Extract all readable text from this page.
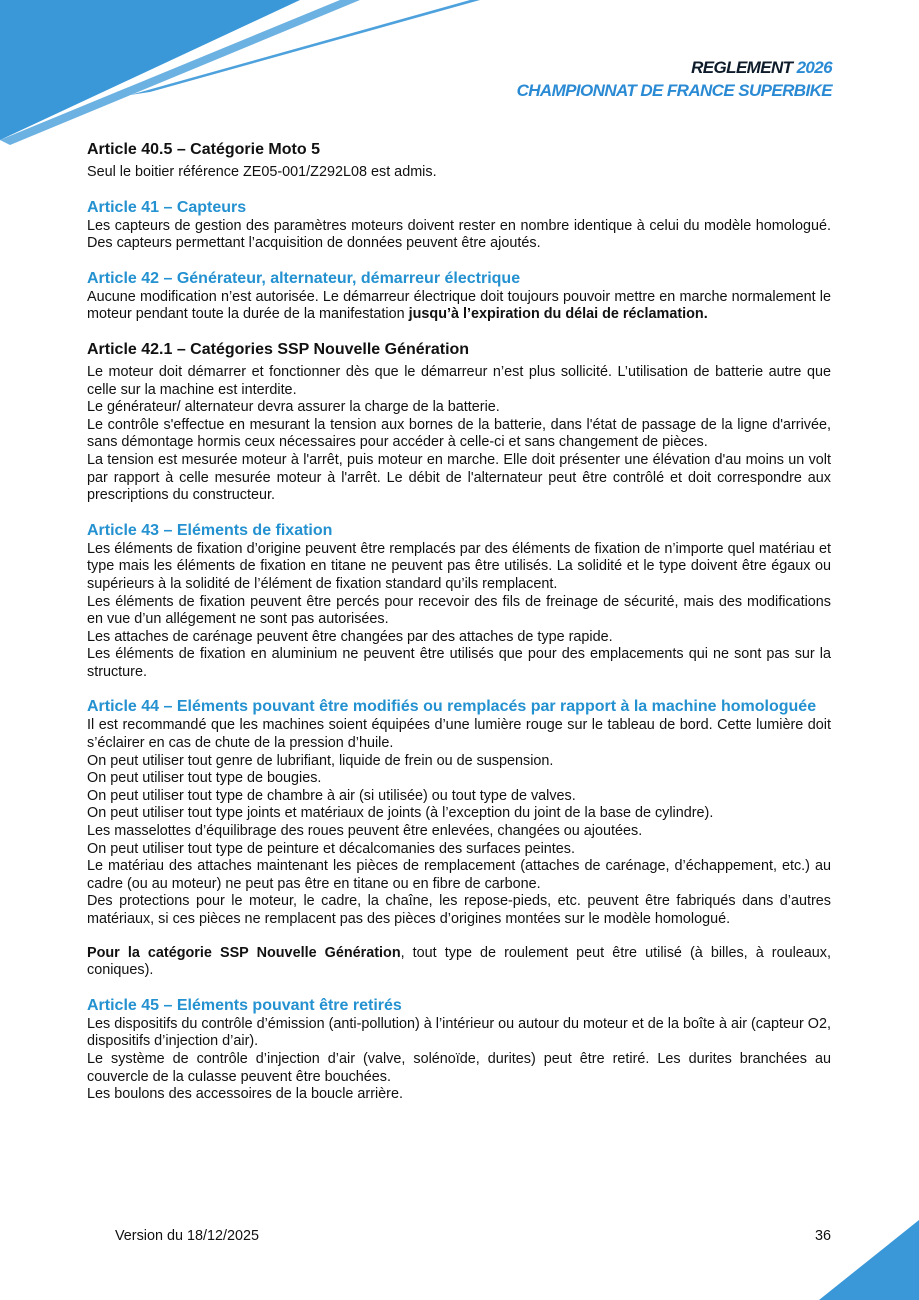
REGLEMENT 2026
CHAMPIONNAT DE FRANCE SUPERBIKE

Article 40.5 – Catégorie Moto 5

Seul le boitier référence ZE05-001/Z292L08 est admis.

Article 41 – Capteurs

Les capteurs de gestion des paramètres moteurs doivent rester en nombre identique à celui du modèle homologué. Des capteurs permettant l’acquisition de données peuvent être ajoutés.

Article 42 – Générateur, alternateur, démarreur électrique

Aucune modification n’est autorisée. Le démarreur électrique doit toujours pouvoir mettre en marche normalement le moteur pendant toute la durée de la manifestation jusqu’à l’expiration du délai de réclamation.

Article 42.1 – Catégories SSP Nouvelle Génération

Le moteur doit démarrer et fonctionner dès que le démarreur n’est plus sollicité. L’utilisation de batterie autre que celle sur la machine est interdite.

Le générateur/ alternateur devra assurer la charge de la batterie.

Le contrôle s'effectue en mesurant la tension aux bornes de la batterie, dans l'état de passage de la ligne d'arrivée, sans démontage hormis ceux nécessaires pour accéder à celle-ci et sans changement de pièces.

La tension est mesurée moteur à l'arrêt, puis moteur en marche. Elle doit présenter une élévation d'au moins un volt par rapport à celle mesurée moteur à l'arrêt. Le débit de l'alternateur peut être contrôlé et doit correspondre aux prescriptions du constructeur.

Article 43 – Eléments de fixation

Les éléments de fixation d’origine peuvent être remplacés par des éléments de fixation de n’importe quel matériau et type mais les éléments de fixation en titane ne peuvent pas être utilisés. La solidité et le type doivent être égaux ou supérieurs à la solidité de l’élément de fixation standard qu’ils remplacent.

Les éléments de fixation peuvent être percés pour recevoir des fils de freinage de sécurité, mais des modifications en vue d’un allégement ne sont pas autorisées.

Les attaches de carénage peuvent être changées par des attaches de type rapide.

Les éléments de fixation en aluminium ne peuvent être utilisés que pour des emplacements qui ne sont pas sur la structure.

Article 44 – Eléments pouvant être modifiés ou remplacés par rapport à la machine homologuée

Il est recommandé que les machines soient équipées d’une lumière rouge sur le tableau de bord. Cette lumière doit s’éclairer en cas de chute de la pression d’huile.

On peut utiliser tout genre de lubrifiant, liquide de frein ou de suspension.

On peut utiliser tout type de bougies.

On peut utiliser tout type de chambre à air (si utilisée) ou tout type de valves.

On peut utiliser tout type joints et matériaux de joints (à l’exception du joint de la base de cylindre).

Les masselottes d’équilibrage des roues peuvent être enlevées, changées ou ajoutées.

On peut utiliser tout type de peinture et décalcomanies des surfaces peintes.

Le matériau des attaches maintenant les pièces de remplacement (attaches de carénage, d’échappement, etc.) au cadre (ou au moteur) ne peut pas être en titane ou en fibre de carbone.

Des protections pour le moteur, le cadre, la chaîne, les repose-pieds, etc. peuvent être fabriqués dans d’autres matériaux, si ces pièces ne remplacent pas des pièces d’origines montées sur le modèle homologué.

Pour la catégorie SSP Nouvelle Génération, tout type de roulement peut être utilisé (à billes, à rouleaux, coniques).

Article 45 – Eléments pouvant être retirés

Les dispositifs du contrôle d’émission (anti-pollution) à l’intérieur ou autour du moteur et de la boîte à air (capteur O2, dispositifs d’injection d’air).

Le système de contrôle d’injection d’air (valve, solénoïde, durites) peut être retiré. Les durites branchées au couvercle de la culasse peuvent être bouchées.

Les boulons des accessoires de la boucle arrière.

Version du 18/12/2025	36
